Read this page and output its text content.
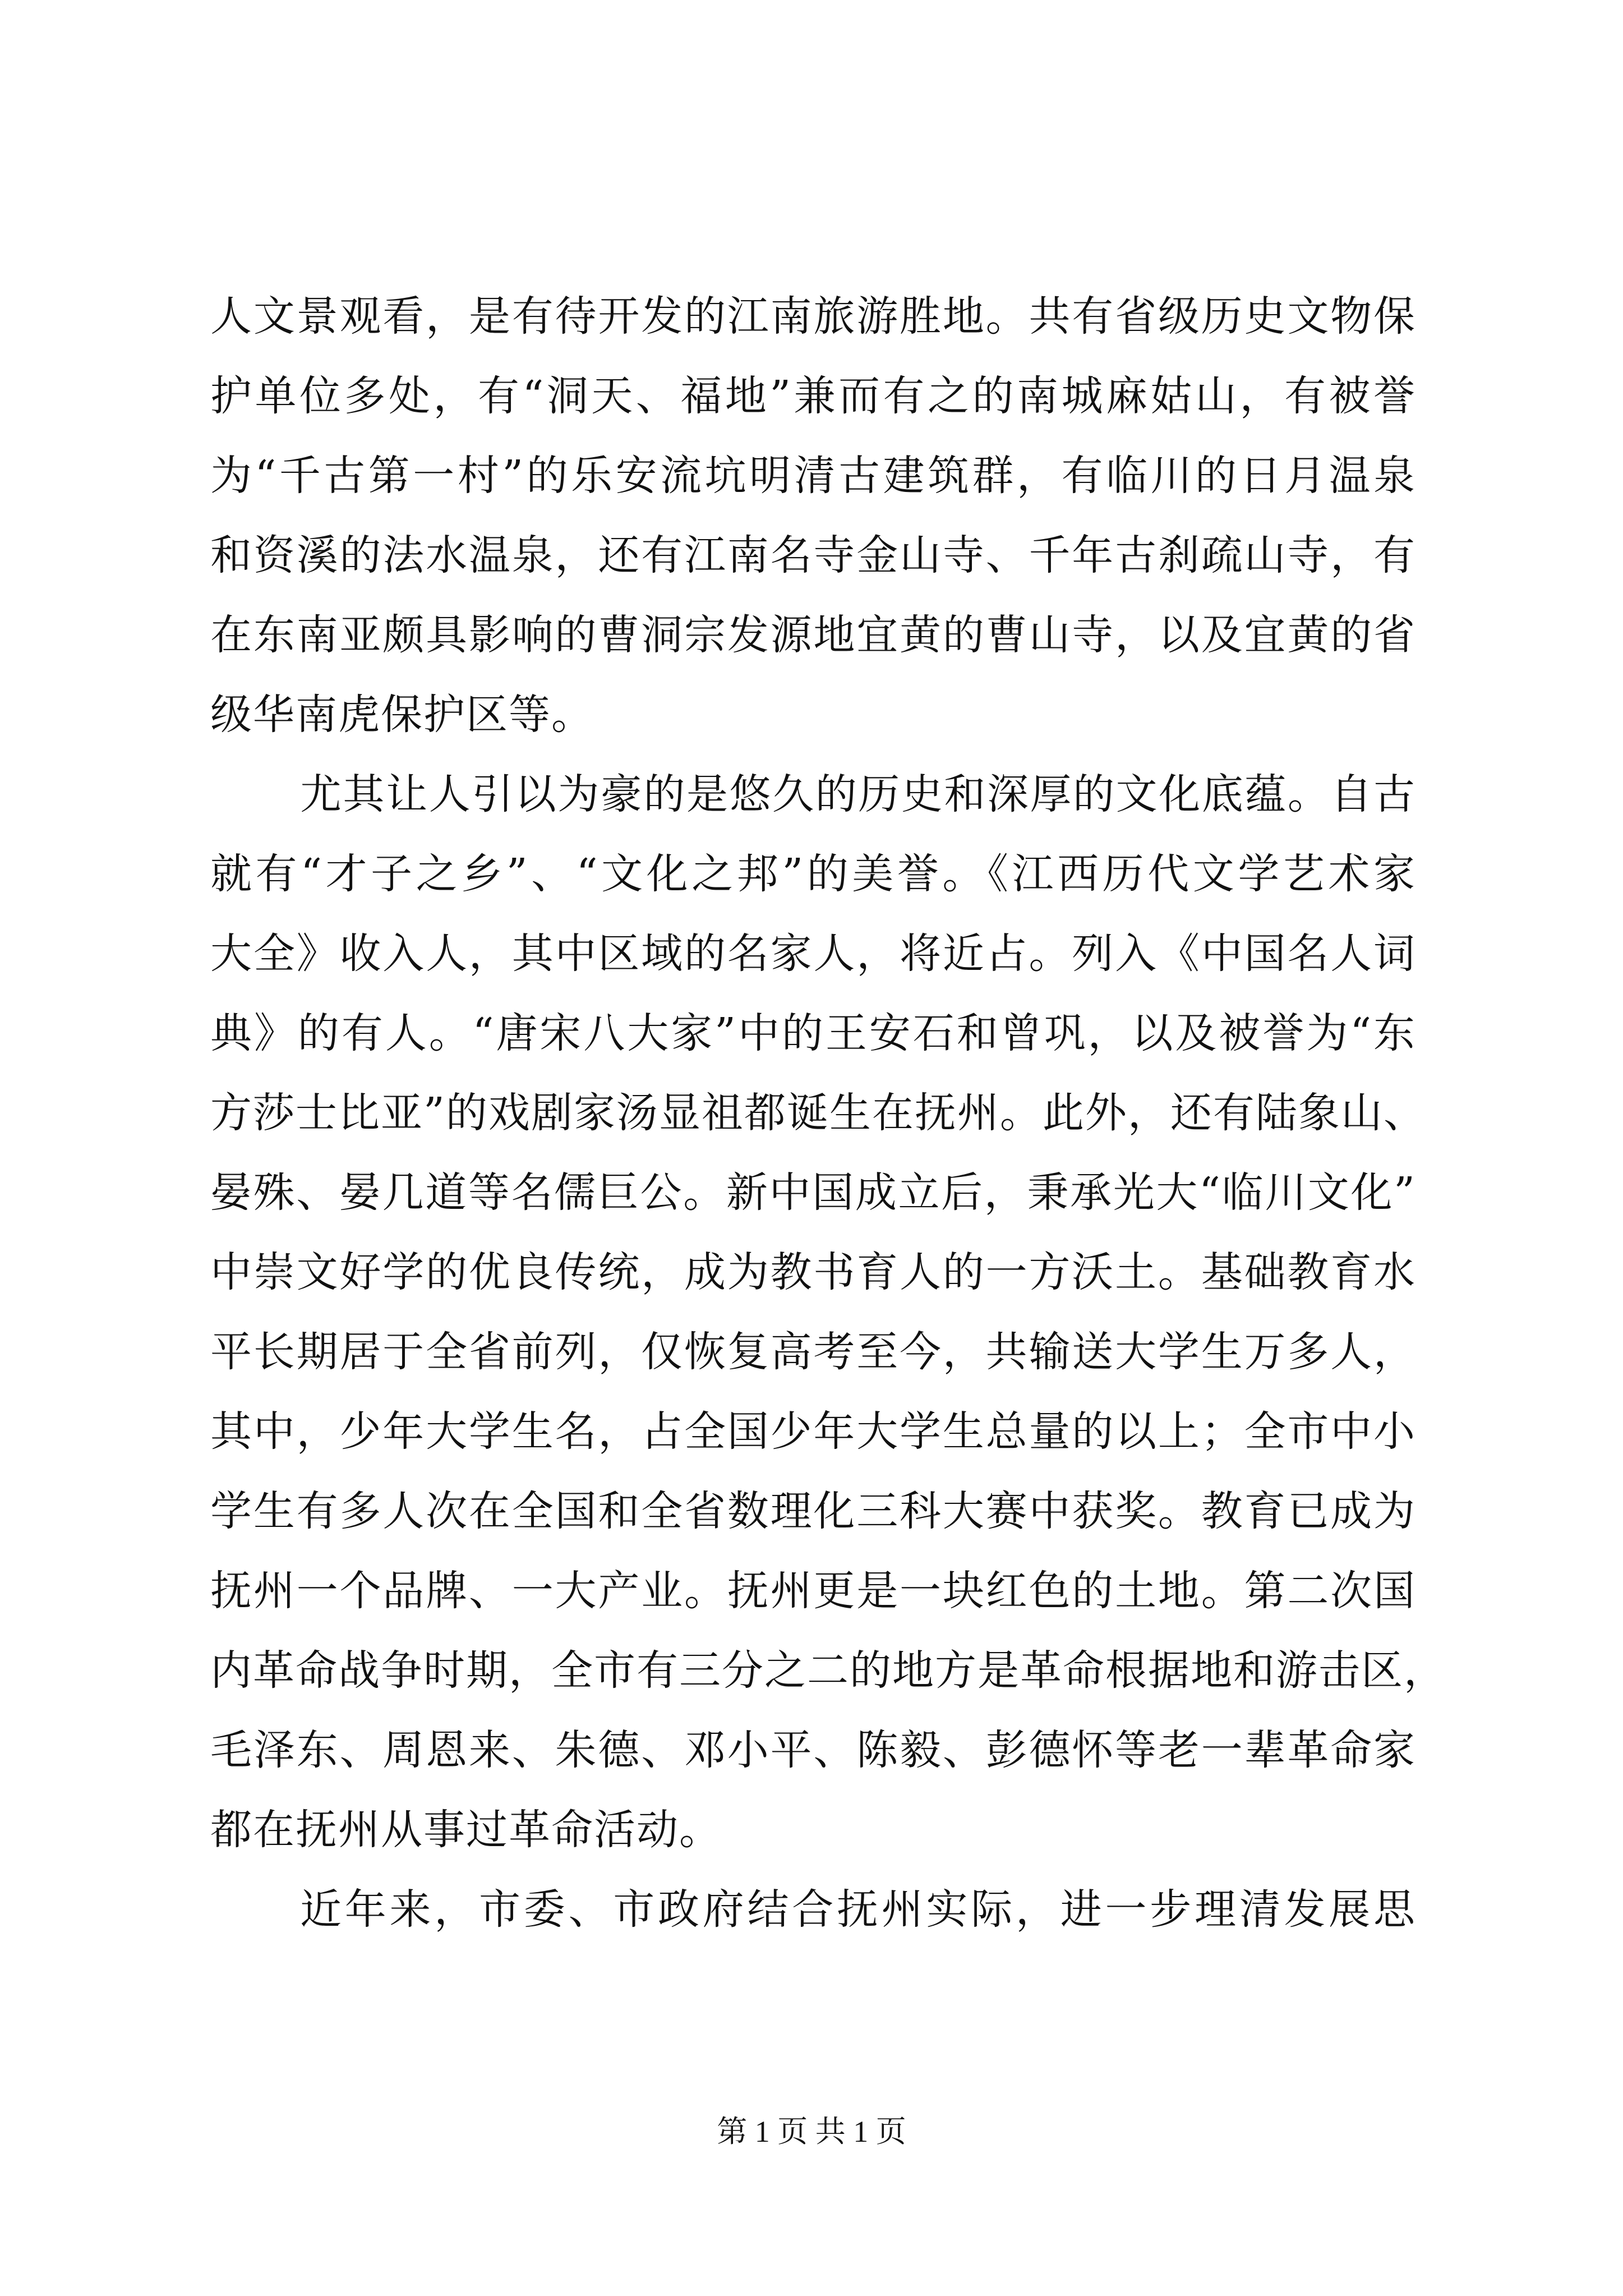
人文景观看，是有待开发的江南旅游胜地。共有省级历史文物保
护单位多处，有“洞天、福地”兼而有之的南城麻姑山，有被誉
为“千古第一村”的乐安流坑明清古建筑群，有临川的日月温泉
和资溪的法水温泉，还有江南名寺金山寺、千年古刹疏山寺，有
在东南亚颇具影响的曹洞宗发源地宜黄的曹山寺，以及宜黄的省
级华南虎保护区等。
尤其让人引以为豪的是悠久的历史和深厚的文化底蕴。自古
就有“才子之乡”、“文化之邦”的美誉。《江西历代文学艺术家
大全》收入人，其中区域的名家人，将近占。列入《中国名人词
典》的有人。“唐宋八大家”中的王安石和曾巩，以及被誉为“东
方莎士比亚”的戏剧家汤显祖都诞生在抚州。此外，还有陆象山、
晏殊、晏几道等名儒巨公。新中国成立后，秉承光大“临川文化”
中崇文好学的优良传统，成为教书育人的一方沃土。基础教育水
平长期居于全省前列，仅恢复高考至今，共输送大学生万多人，
其中，少年大学生名，占全国少年大学生总量的以上；全市中小
学生有多人次在全国和全省数理化三科大赛中获奖。教育已成为
抚州一个品牌、一大产业。抚州更是一块红色的土地。第二次国
内革命战争时期，全市有三分之二的地方是革命根据地和游击区，
毛泽东、周恩来、朱德、邓小平、陈毅、彭德怀等老一辈革命家
都在抚州从事过革命活动。
近年来，市委、市政府结合抚州实际，进一步理清发展思
第 1 页 共 1 页
